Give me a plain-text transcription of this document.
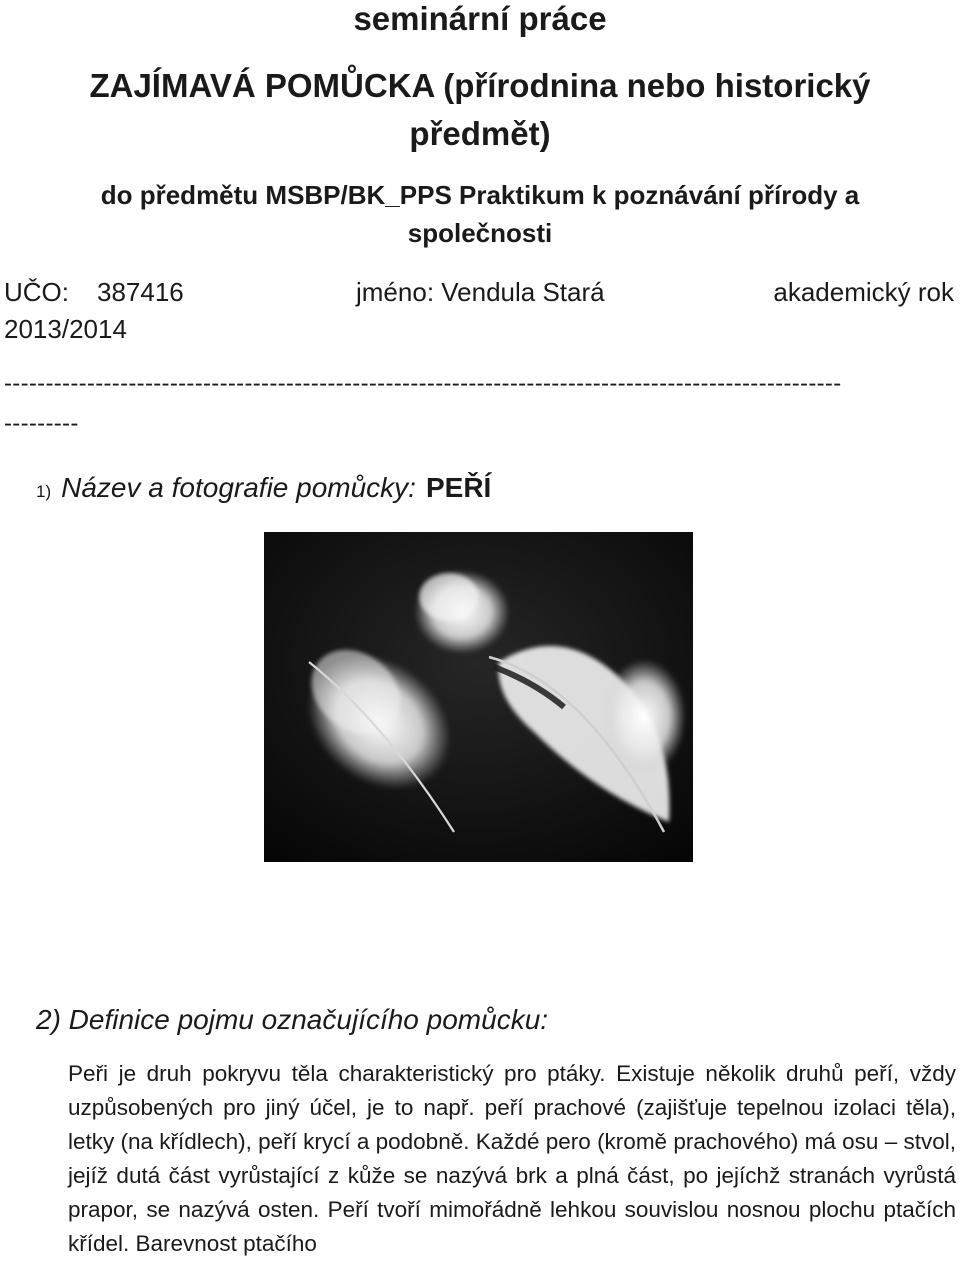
seminární práce
ZAJÍMAVÁ POMŮCKA (přírodnina nebo historický předmět)
do předmětu MSBP/BK_PPS Praktikum k poznávání přírody a společnosti
UČO: 387416	jméno: Vendula Stará	akademický rok
2013/2014
-----------------------------------------------------------------------------------------------------
---------
1) Název a fotografie pomůcky: PEŘÍ
2) Definice pojmu označujícího pomůcku:
Peři je druh pokryvu těla charakteristický pro ptáky. Existuje několik druhů peří, vždy uzpůsobených pro jiný účel, je to např. peří prachové (zajišťuje tepelnou izolaci těla), letky (na křídlech), peří krycí a podobně. Každé pero (kromě prachového) má osu – stvol, jejíž dutá část vyrůstající z kůže se nazývá brk a plná část, po jejíchž stranách vyrůstá prapor, se nazývá osten. Peří tvoří mimořádně lehkou souvislou nosnou plochu ptačích křídel. Barevnost ptačího
